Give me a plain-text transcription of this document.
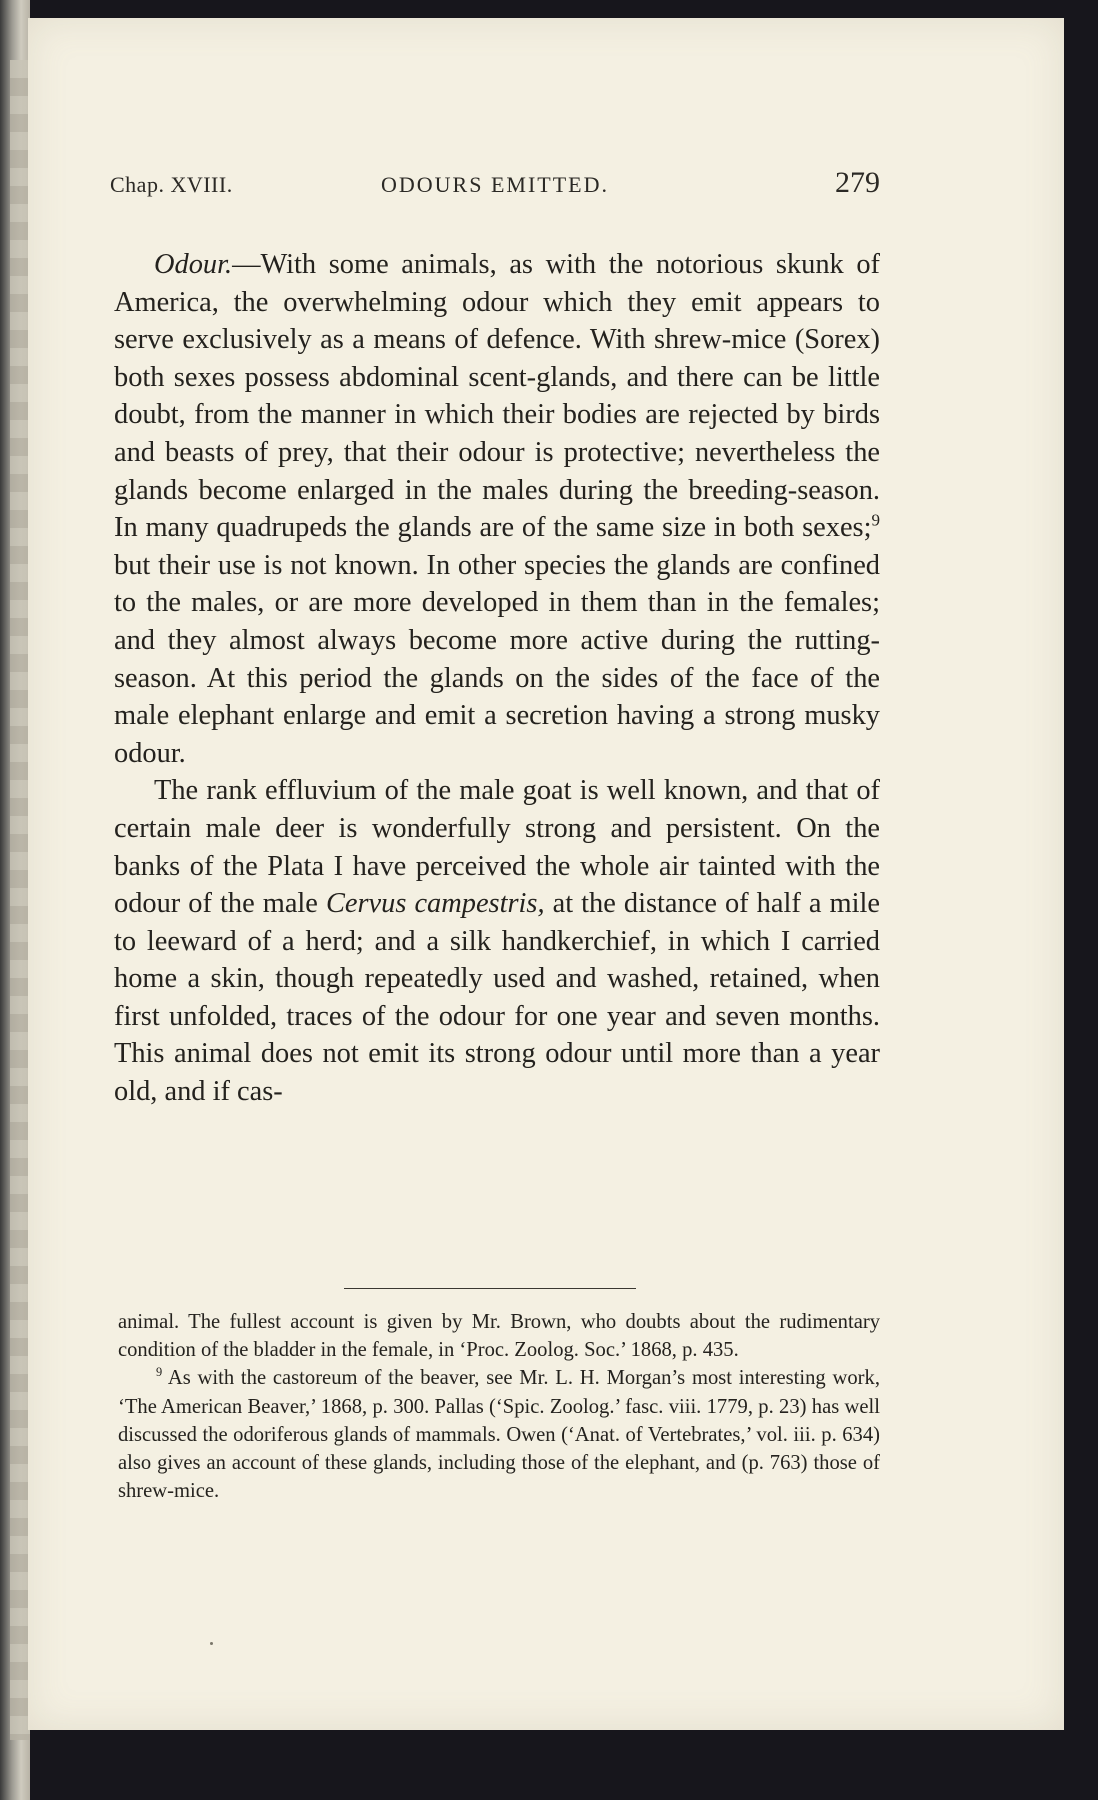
Chap. XVIII.	ODOURS EMITTED.	279

Odour.—With some animals, as with the notorious skunk of America, the overwhelming odour which they emit appears to serve exclusively as a means of defence. With shrew-mice (Sorex) both sexes possess abdominal scent-glands, and there can be little doubt, from the manner in which their bodies are rejected by birds and beasts of prey, that their odour is protective; nevertheless the glands become enlarged in the males during the breeding-season. In many quadrupeds the glands are of the same size in both sexes;$^9$ but their use is not known. In other species the glands are confined to the males, or are more developed in them than in the females; and they almost always become more active during the rutting-season. At this period the glands on the sides of the face of the male elephant enlarge and emit a secretion having a strong musky odour.

The rank effluvium of the male goat is well known, and that of certain male deer is wonderfully strong and persistent. On the banks of the Plata I have perceived the whole air tainted with the odour of the male Cervus campestris, at the distance of half a mile to leeward of a herd; and a silk handkerchief, in which I carried home a skin, though repeatedly used and washed, retained, when first unfolded, traces of the odour for one year and seven months. This animal does not emit its strong odour until more than a year old, and if cas-

animal. The fullest account is given by Mr. Brown, who doubts about the rudimentary condition of the bladder in the female, in ‘Proc. Zoolog. Soc.’ 1868, p. 435.

$^9$ As with the castoreum of the beaver, see Mr. L. H. Morgan’s most interesting work, ‘The American Beaver,’ 1868, p. 300. Pallas (‘Spic. Zoolog.’ fasc. viii. 1779, p. 23) has well discussed the odoriferous glands of mammals. Owen (‘Anat. of Vertebrates,’ vol. iii. p. 634) also gives an account of these glands, including those of the elephant, and (p. 763) those of shrew-mice.
